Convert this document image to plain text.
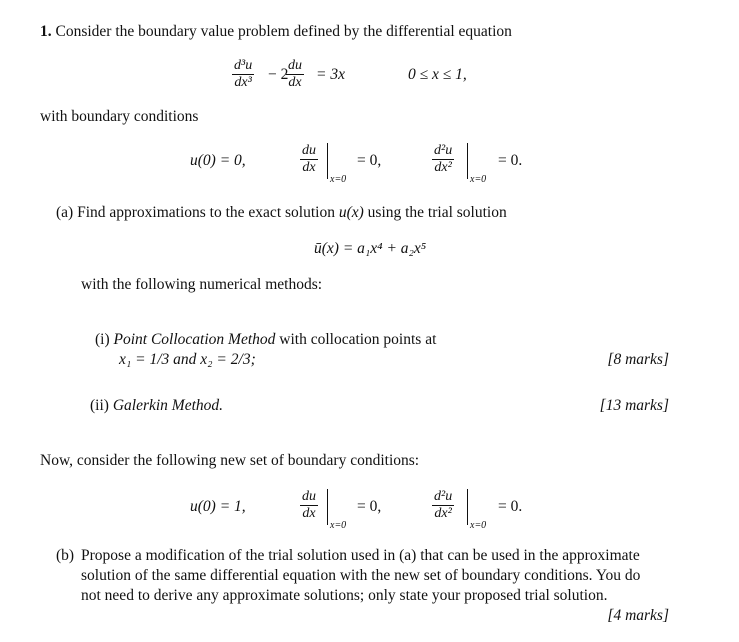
1. Consider the boundary value problem defined by the differential equation
$\frac{\text{d³u}}{\text{dx³}} - 2$
$\frac{du}{dx} = 3x$	0 ≤ x ≤ 1,
with boundary conditions
u(0) = 0,	$\frac{du}{dx}$
x=0
= 0,	$\frac{\text{d²u}}{\text{dx²}}$
x=0
= 0.
(a) Find approximations to the exact solution u(x) using the trial solution
ū(x) = a₁x⁴ + a₂x⁵
with the following numerical methods:
(i) Point Collocation Method with collocation points at
x₁ = 1/3 and x₂ = 2/3;	[8 marks]
(ii) Galerkin Method.	[13 marks]
Now, consider the following new set of boundary conditions:
u(0) = 1,	$\frac{du}{dx}$
x=0
= 0,	$\frac{\text{d²u}}{\text{dx²}}$
x=0
= 0.
(b) Propose a modification of the trial solution used in (a) that can be used in the approximate
solution of the same differential equation with the new set of boundary conditions. You do
not need to derive any approximate solutions; only state your proposed trial solution.
[4 marks]
